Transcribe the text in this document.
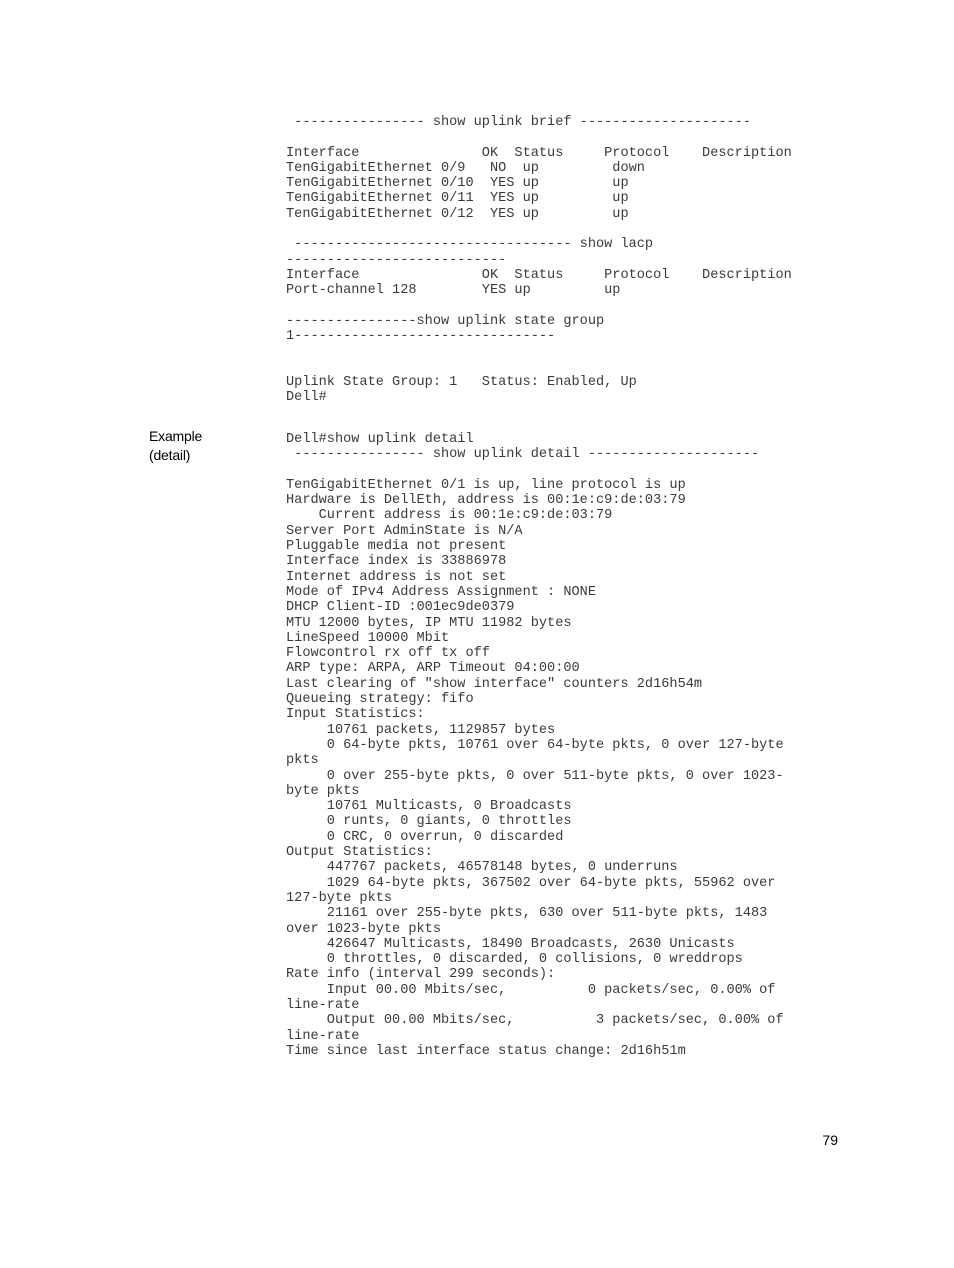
---------------- show uplink brief ---------------------

Interface               OK  Status     Protocol    Description
TenGigabitEthernet 0/9   NO  up         down
TenGigabitEthernet 0/10  YES up         up
TenGigabitEthernet 0/11  YES up         up
TenGigabitEthernet 0/12  YES up         up

---------------------------------- show lacp
---------------------------
Interface               OK  Status     Protocol    Description
Port-channel 128        YES up         up

----------------show uplink state group
1--------------------------------

Uplink State Group: 1   Status: Enabled, Up
Dell#
Example
(detail)
Dell#show uplink detail
---------------- show uplink detail ---------------------

TenGigabitEthernet 0/1 is up, line protocol is up
Hardware is DellEth, address is 00:1e:c9:de:03:79
Current address is 00:1e:c9:de:03:79
Server Port AdminState is N/A
Pluggable media not present
Interface index is 33886978
Internet address is not set
Mode of IPv4 Address Assignment : NONE
DHCP Client-ID :001ec9de0379
MTU 12000 bytes, IP MTU 11982 bytes
LineSpeed 10000 Mbit
Flowcontrol rx off tx off
ARP type: ARPA, ARP Timeout 04:00:00
Last clearing of "show interface" counters 2d16h54m
Queueing strategy: fifo
Input Statistics:
10761 packets, 1129857 bytes
0 64-byte pkts, 10761 over 64-byte pkts, 0 over 127-byte
pkts
0 over 255-byte pkts, 0 over 511-byte pkts, 0 over 1023-
byte pkts
10761 Multicasts, 0 Broadcasts
0 runts, 0 giants, 0 throttles
0 CRC, 0 overrun, 0 discarded
Output Statistics:
447767 packets, 46578148 bytes, 0 underruns
1029 64-byte pkts, 367502 over 64-byte pkts, 55962 over
127-byte pkts
21161 over 255-byte pkts, 630 over 511-byte pkts, 1483
over 1023-byte pkts
426647 Multicasts, 18490 Broadcasts, 2630 Unicasts
0 throttles, 0 discarded, 0 collisions, 0 wreddrops
Rate info (interval 299 seconds):
Input 00.00 Mbits/sec,          0 packets/sec, 0.00% of
line-rate
Output 00.00 Mbits/sec,          3 packets/sec, 0.00% of
line-rate
Time since last interface status change: 2d16h51m
79
